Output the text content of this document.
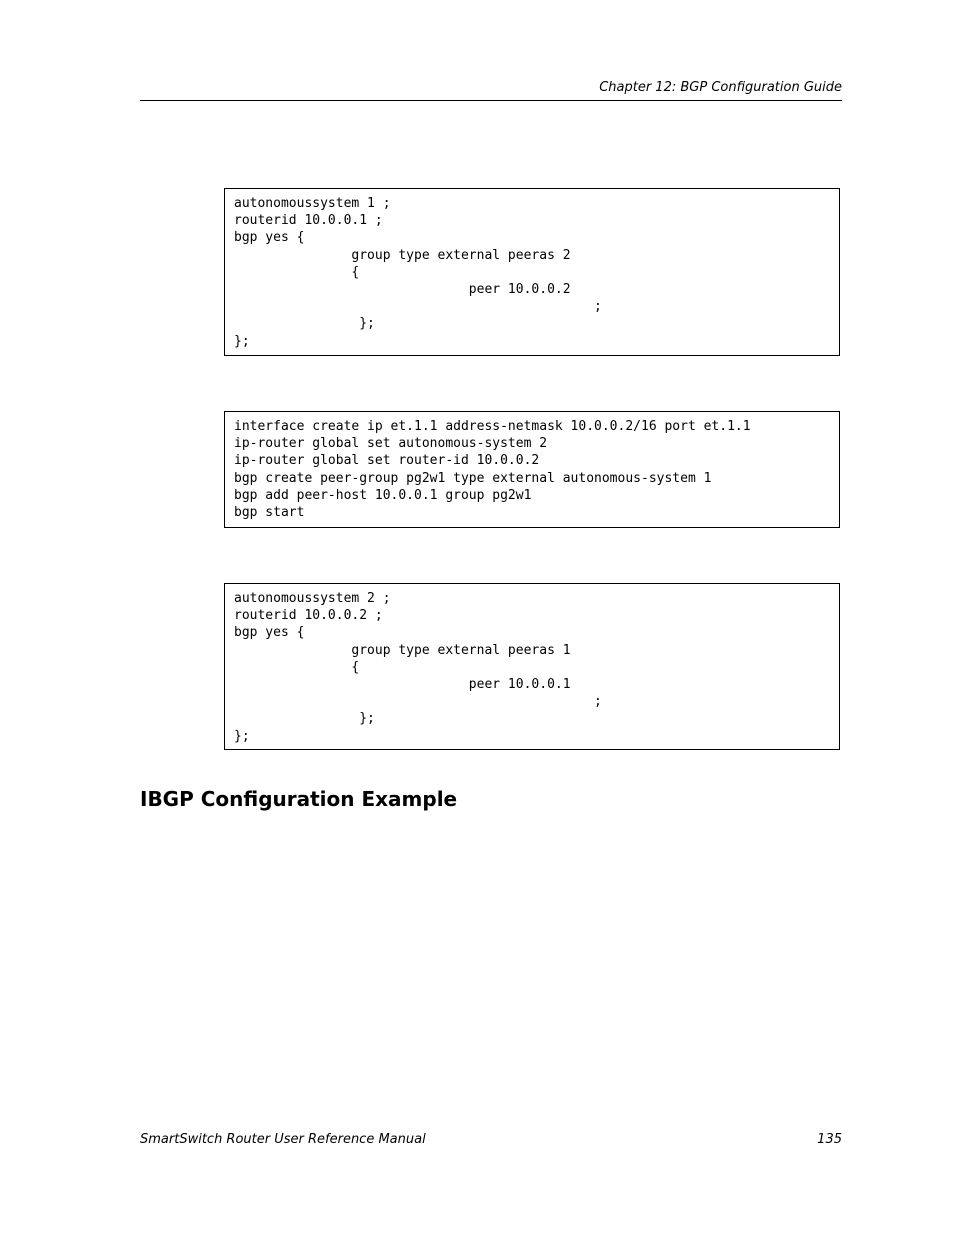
Chapter 12: BGP Configuration Guide
autonomoussystem 1 ;
routerid 10.0.0.1 ;
bgp yes {
group type external peeras 2
{
peer 10.0.0.2
;
};
};
interface create ip et.1.1 address-netmask 10.0.0.2/16 port et.1.1
ip-router global set autonomous-system 2
ip-router global set router-id 10.0.0.2
bgp create peer-group pg2w1 type external autonomous-system 1
bgp add peer-host 10.0.0.1 group pg2w1
bgp start
autonomoussystem 2 ;
routerid 10.0.0.2 ;
bgp yes {
group type external peeras 1
{
peer 10.0.0.1
;
};
};
IBGP Configuration Example
SmartSwitch Router User Reference Manual	135
